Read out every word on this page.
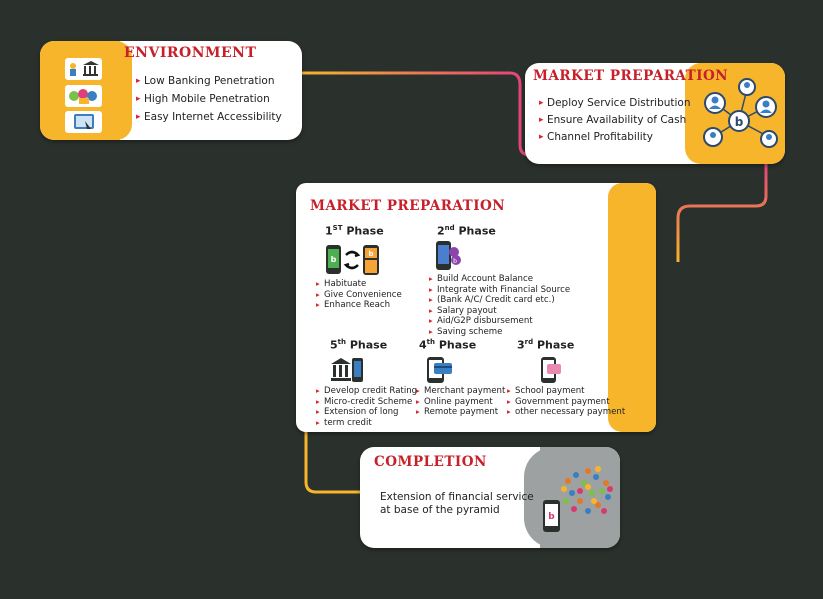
ENVIRONMENT
▸ Low Banking Penetration
▸ High Mobile Penetration
▸ Easy Internet Accessibility	b
MARKET PREPARATION
▸ Deploy Service Distribution
▸ Ensure Availability of Cash
▸ Channel Profitability
MARKET PREPARATION
1ST Phase
b
b
▸ Habituate
▸ Give Convenience
▸ Enhance Reach
2nd Phase
b
▸ Build Account Balance
▸ Integrate with Financial Source
▸ (Bank A/C/ Credit card etc.)
▸ Salary payout
▸ Aid/G2P disbursement
▸ Saving scheme
3rd Phase
▸ School payment
▸ Government payment
▸ other necessary payment
4th Phase
▸ Merchant payment
▸ Online payment
▸ Remote payment
5th Phase
▸ Develop credit Rating
▸ Micro-credit Scheme
▸ Extension of long
▸ term credit
b
COMPLETION
Extension of financial service
at base of the pyramid
